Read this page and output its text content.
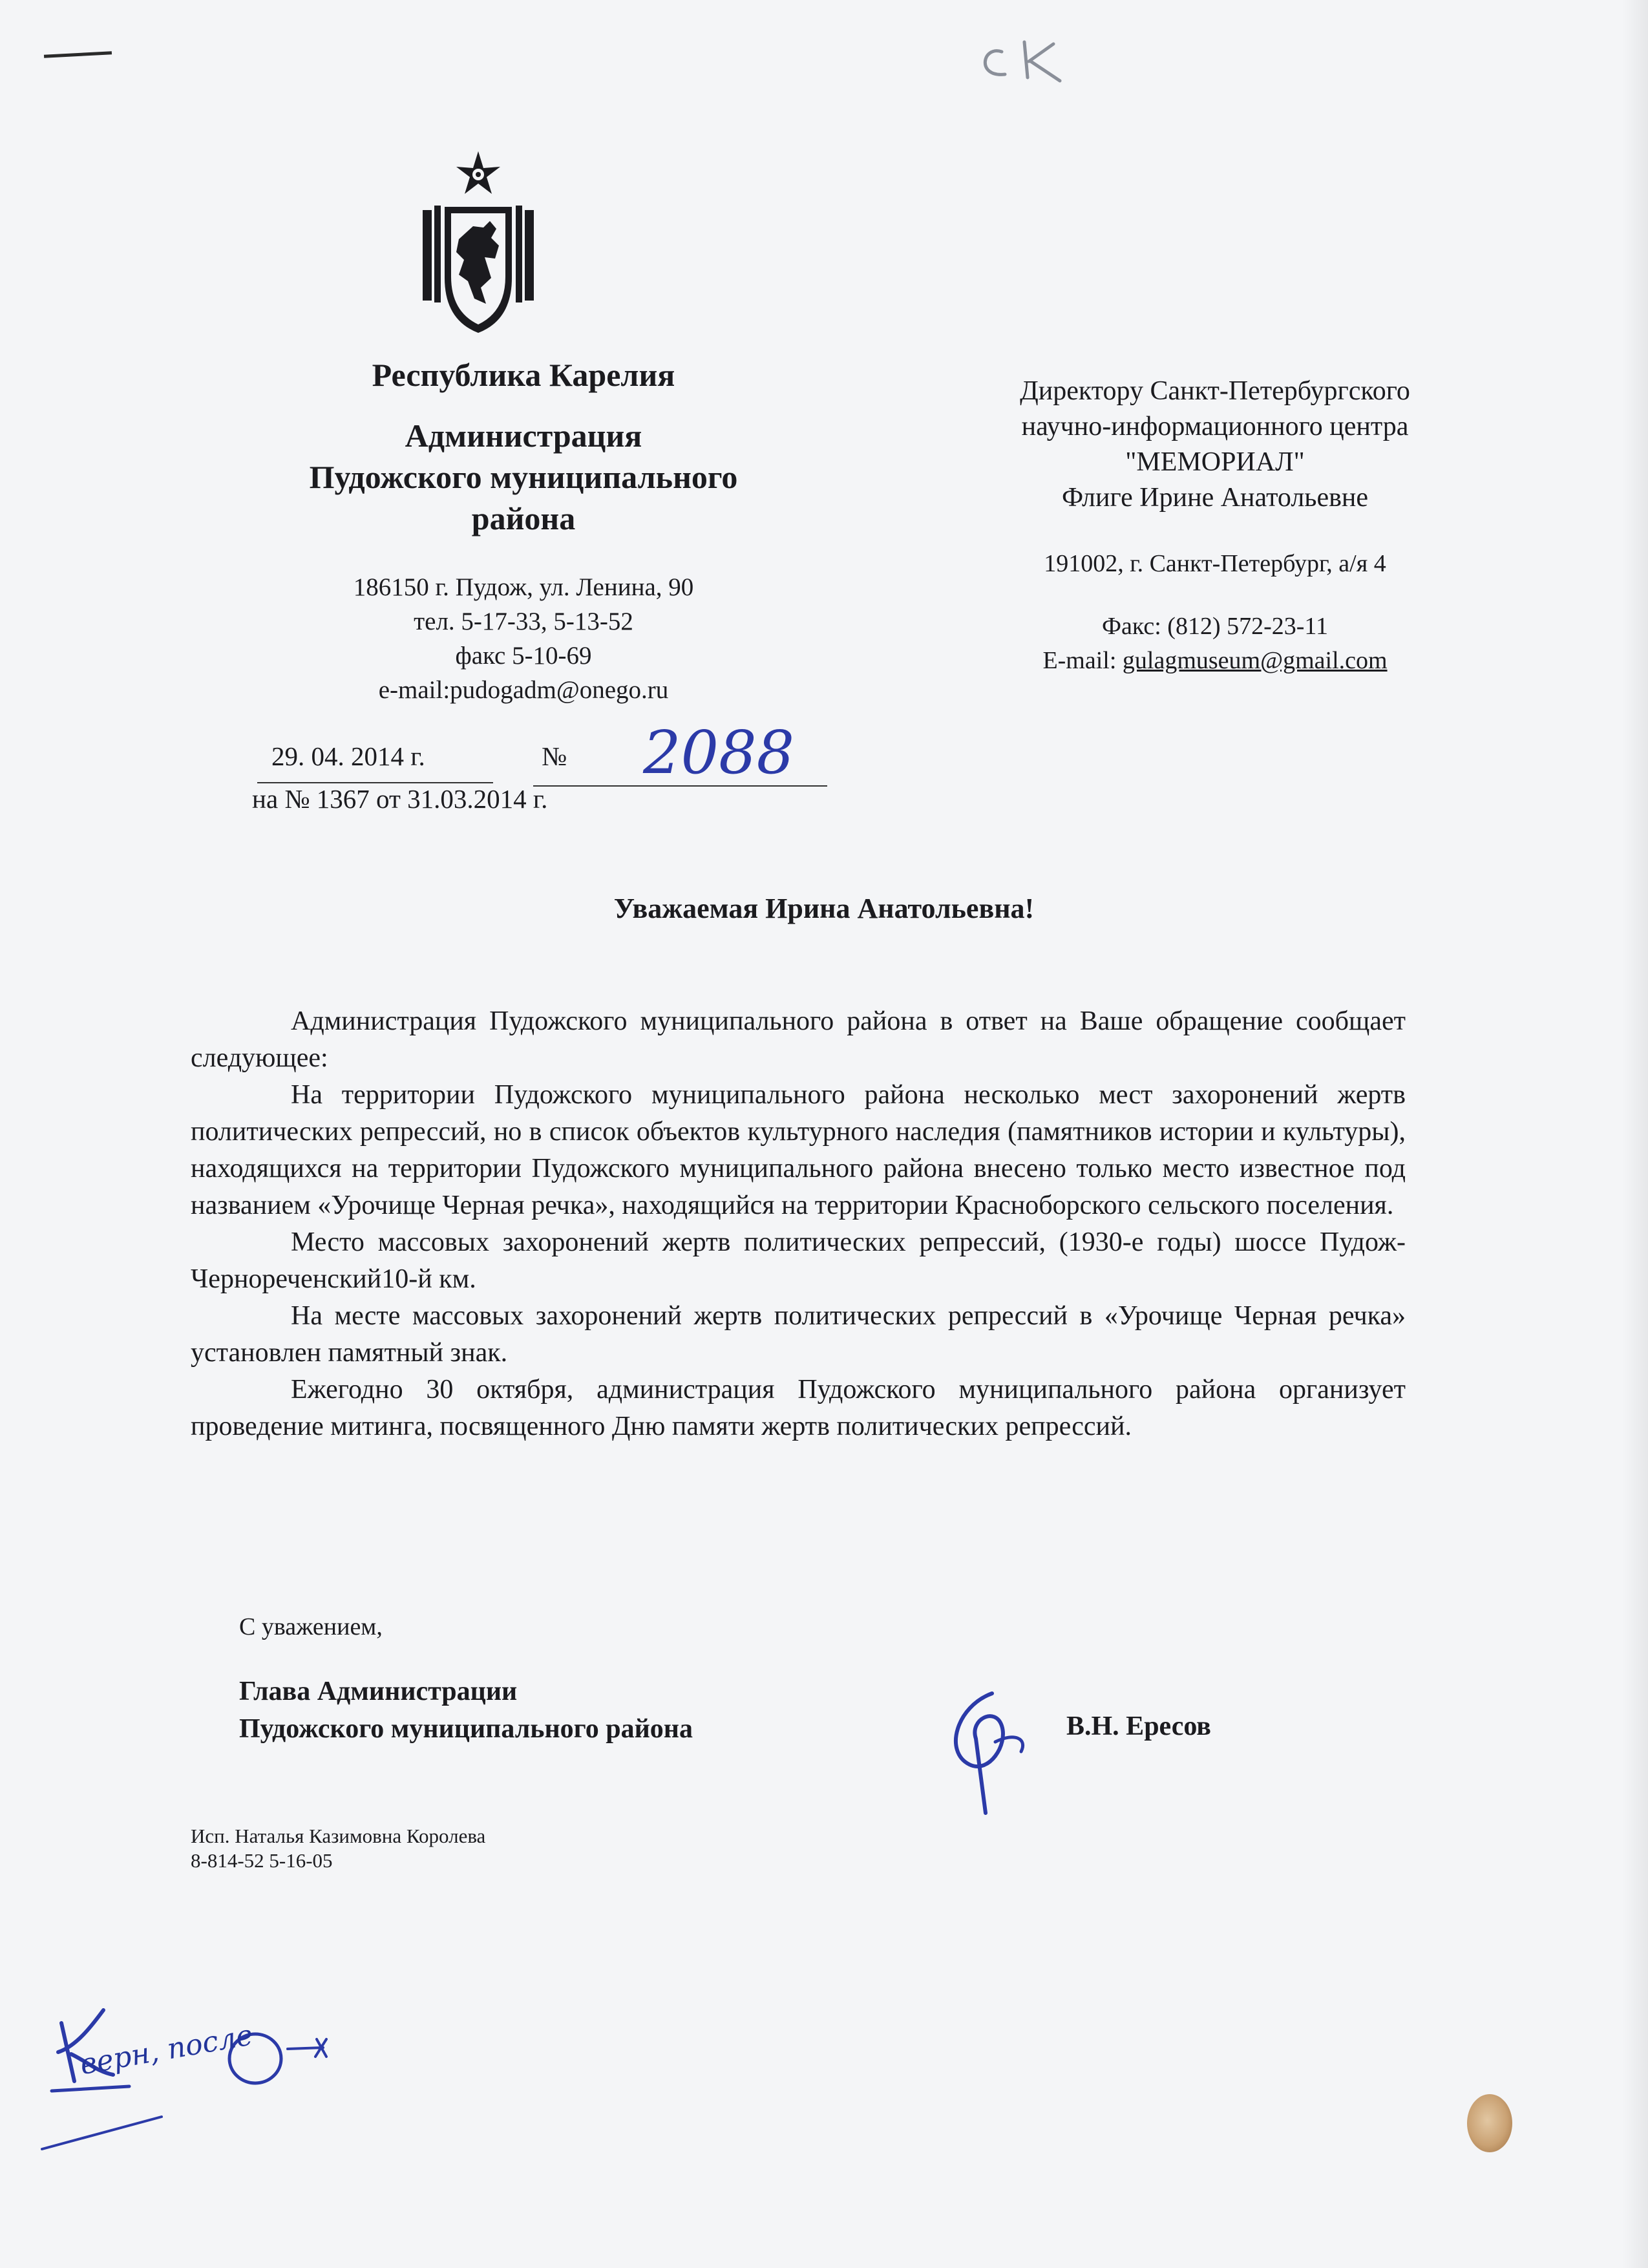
Республика Карелия
Администрация
Пудожского муниципального
района
186150 г. Пудож, ул. Ленина, 90
тел. 5-17-33, 5-13-52
факс 5-10-69
e-mail:pudogadm@onego.ru
Директору Санкт-Петербургского
научно-информационного центра
"МЕМОРИАЛ"
Флиге Ирине Анатольевне
191002, г. Санкт-Петербург, а/я 4
Факс: (812) 572-23-11
E-mail: gulagmuseum@gmail.com
29. 04. 2014 г.	№ 2088
на № 1367 от 31.03.2014 г.
Уважаемая Ирина Анатольевна!

Администрация Пудожского муниципального района в ответ на Ваше обращение сообщает следующее:

На территории Пудожского муниципального района несколько мест захоронений жертв политических репрессий, но в список объектов культурного наследия (памятников истории и культуры), находящихся на территории Пудожского муниципального района внесено только место известное под названием «Урочище Черная речка», находящийся на территории Красноборского сельского поселения.

Место массовых захоронений жертв политических репрессий, (1930-е годы) шоссе Пудож-Чернореченский10-й км.

На месте массовых захоронений жертв политических репрессий в «Урочище Черная речка» установлен памятный знак.

Ежегодно 30 октября, администрация Пудожского муниципального района организует проведение митинга, посвященного Дню памяти жертв политических репрессий.

С уважением,
Глава Администрации
Пудожского муниципального района	В.Н. Ересов
Исп. Наталья Казимовна Королева
8-814-52 5-16-05
верн, после
